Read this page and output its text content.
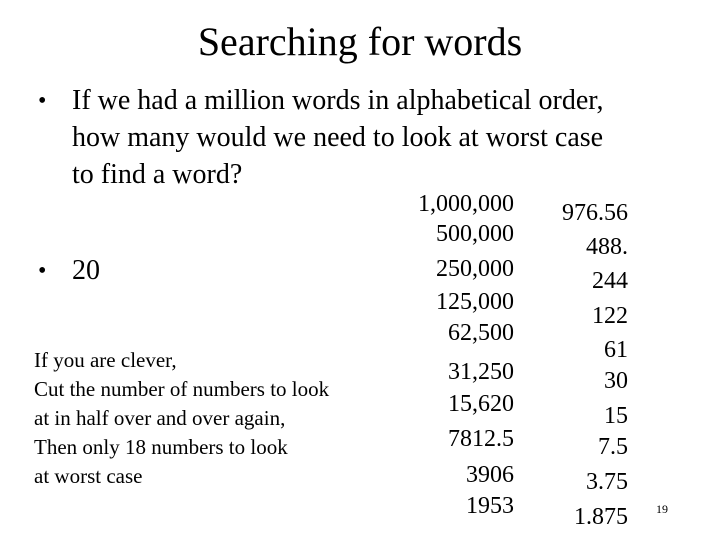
Searching for words
• If we had a million words in alphabetical order,
how many would we need to look at worst case
to find a word?
• 20
If you are clever,
Cut the number of numbers to look
at in half over and over again,
Then only 18 numbers to look
at worst case
1,000,000
500,000
250,000
125,000
62,500
31,250
15,620
7812.5
3906
1953
976.56
488.
244
122
61
30
15
7.5
3.75
1.875 19
